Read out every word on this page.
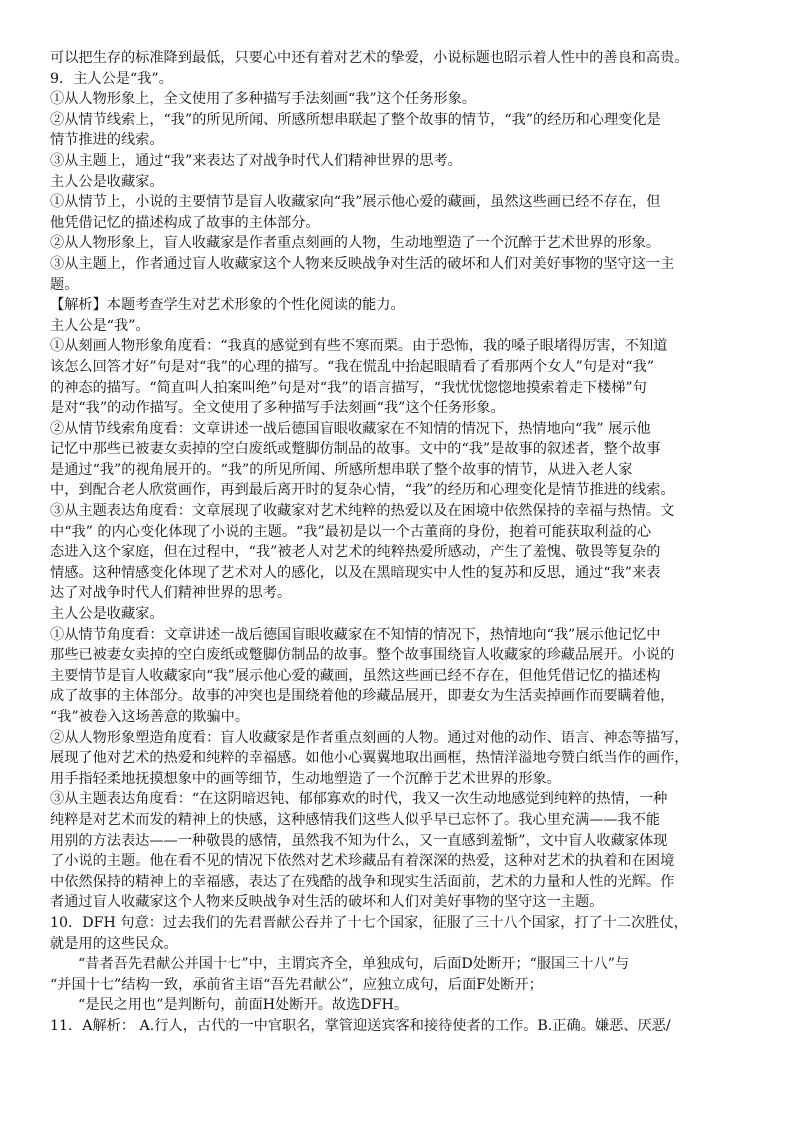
可以把生存的标准降到最低，只要心中还有着对艺术的挚爱，小说标题也昭示着人性中的善良和高贵。
9．主人公是“我”。
①从人物形象上，全文使用了多种描写手法刻画“我”这个任务形象。
②从情节线索上，“我”的所见所闻、所感所想串联起了整个故事的情节，“我”的经历和心理变化是
情节推进的线索。
③从主题上，通过“我”来表达了对战争时代人们精神世界的思考。
主人公是收藏家。
①从情节上，小说的主要情节是盲人收藏家向“我”展示他心爱的藏画，虽然这些画已经不存在，但
他凭借记忆的描述构成了故事的主体部分。
②从人物形象上，盲人收藏家是作者重点刻画的人物，生动地塑造了一个沉醉于艺术世界的形象。
③从主题上，作者通过盲人收藏家这个人物来反映战争对生活的破坏和人们对美好事物的坚守这一主
题。
【解析】本题考查学生对艺术形象的个性化阅读的能力。
主人公是“我”。
①从刻画人物形象角度看：“我真的感觉到有些不寒而栗。由于恐怖，我的嗓子眼堵得厉害，不知道
该怎么回答才好”句是对“我”的心理的描写。“我在慌乱中抬起眼睛看了看那两个女人”句是对“我”
的神态的描写。“简直叫人拍案叫绝”句是对“我”的语言描写，“我忧忧惚惚地摸索着走下楼梯”句
是对“我”的动作描写。全文使用了多种描写手法刻画“我”这个任务形象。
②从情节线索角度看：文章讲述一战后德国盲眼收藏家在不知情的情况下，热情地向“我” 展示他
记忆中那些已被妻女卖掉的空白废纸或蹩脚仿制品的故事。文中的“我”是故事的叙述者，整个故事
是通过“我”的视角展开的。“我”的所见所闻、所感所想串联了整个故事的情节，从进入老人家
中，到配合老人欣赏画作，再到最后离开时的复杂心情，“我”的经历和心理变化是情节推进的线索。
③从主题表达角度看：文章展现了收藏家对艺术纯粹的热爱以及在困境中依然保持的幸福与热情。文
中“我” 的内心变化体现了小说的主题。“我”最初是以一个古董商的身份，抱着可能获取利益的心
态进入这个家庭，但在过程中，“我”被老人对艺术的纯粹热爱所感动，产生了羞愧、敬畏等复杂的
情感。这种情感变化体现了艺术对人的感化，以及在黑暗现实中人性的复苏和反思，通过“我”来表
达了对战争时代人们精神世界的思考。
主人公是收藏家。
①从情节角度看：文章讲述一战后德国盲眼收藏家在不知情的情况下，热情地向“我”展示他记忆中
那些已被妻女卖掉的空白废纸或蹩脚仿制品的故事。整个故事围绕盲人收藏家的珍藏品展开。小说的
主要情节是盲人收藏家向“我”展示他心爱的藏画，虽然这些画已经不存在，但他凭借记忆的描述构
成了故事的主体部分。故事的冲突也是围绕着他的珍藏品展开，即妻女为生活卖掉画作而要瞒着他，
“我”被卷入这场善意的欺骗中。
②从人物形象塑造角度看：盲人收藏家是作者重点刻画的人物。通过对他的动作、语言、神态等描写，
展现了他对艺术的热爱和纯粹的幸福感。如他小心翼翼地取出画框，热情洋溢地夸赞白纸当作的画作，
用手指轻柔地抚摸想象中的画等细节，生动地塑造了一个沉醉于艺术世界的形象。
③从主题表达角度看：“在这阴暗迟钝、郁郁寡欢的时代，我又一次生动地感觉到纯粹的热情，一种
纯粹是对艺术而发的精神上的快感，这种感情我们这些人似乎早已忘怀了。我心里充满——我不能
用别的方法表达——一种敬畏的感情，虽然我不知为什么，又一直感到羞惭”，文中盲人收藏家体现
了小说的主题。他在看不见的情况下依然对艺术珍藏品有着深深的热爱，这种对艺术的执着和在困境
中依然保持的精神上的幸福感，表达了在残酷的战争和现实生活面前，艺术的力量和人性的光辉。作
者通过盲人收藏家这个人物来反映战争对生活的破坏和人们对美好事物的坚守这一主题。
10．DFH 句意：过去我们的先君晋献公吞并了十七个国家，征服了三十八个国家，打了十二次胜仗，
就是用的这些民众。
“昔者吾先君献公并国十七”中，主谓宾齐全，单独成句，后面D处断开；“服国三十八”与
“并国十七”结构一致，承前省主语“吾先君献公”，应独立成句，后面F处断开；
“是民之用也”是判断句，前面H处断开。故选DFH。
11．A解析： A.行人，古代的一中官职名，掌管迎送宾客和接待使者的工作。B.正确。嫌恶、厌恶/
